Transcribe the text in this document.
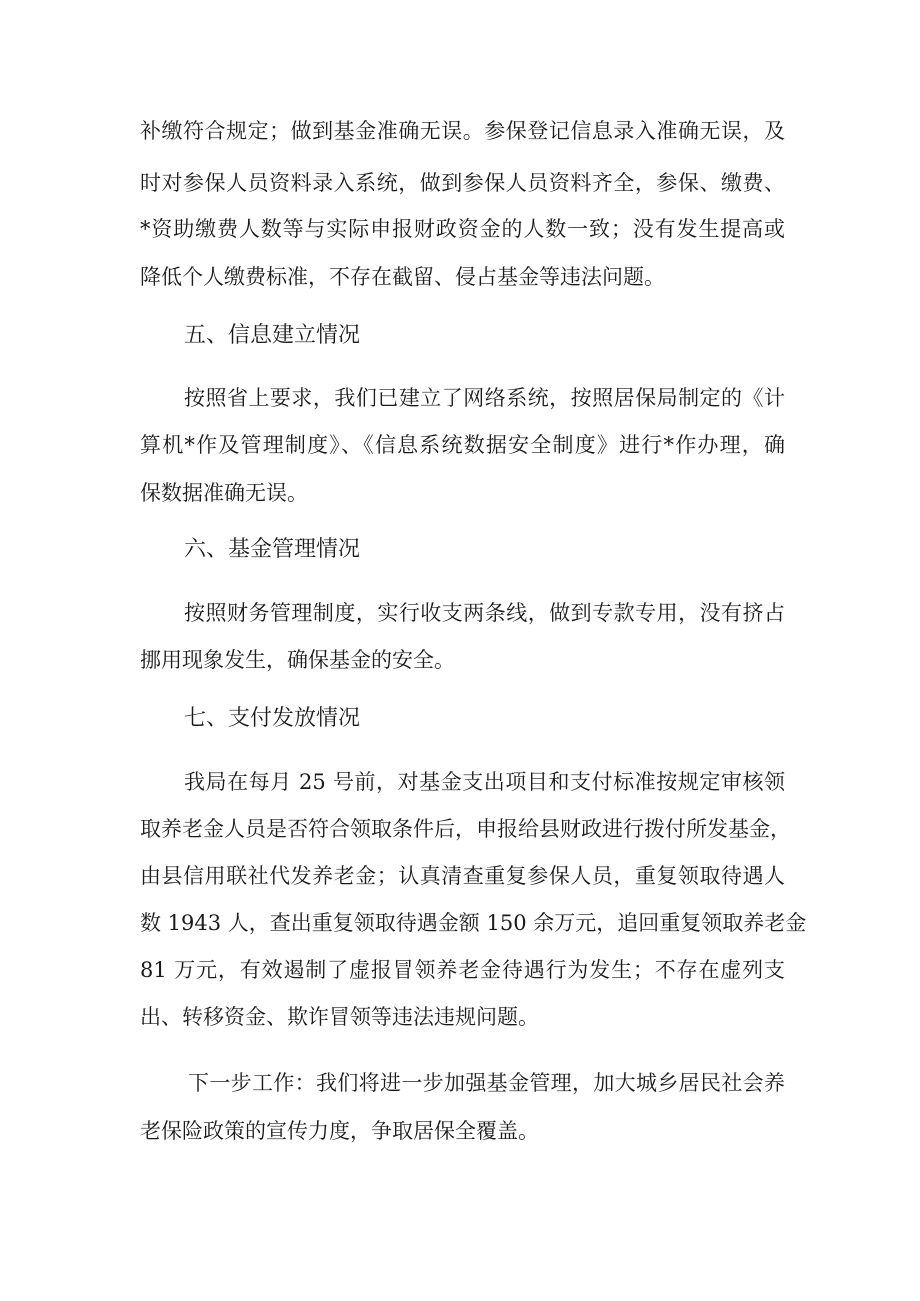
补缴符合规定；做到基金准确无误。参保登记信息录入准确无误，及
时对参保人员资料录入系统，做到参保人员资料齐全，参保、缴费、
*资助缴费人数等与实际申报财政资金的人数一致；没有发生提高或
降低个人缴费标准，不存在截留、侵占基金等违法问题。
五、信息建立情况
按照省上要求，我们已建立了网络系统，按照居保局制定的《计
算机*作及管理制度》、《信息系统数据安全制度》进行*作办理，确
保数据准确无误。
六、基金管理情况
按照财务管理制度，实行收支两条线，做到专款专用，没有挤占
挪用现象发生，确保基金的安全。
七、支付发放情况
我局在每月 25 号前，对基金支出项目和支付标准按规定审核领
取养老金人员是否符合领取条件后，申报给县财政进行拨付所发基金，
由县信用联社代发养老金；认真清查重复参保人员，重复领取待遇人
数 1943 人，查出重复领取待遇金额 150 余万元，追回重复领取养老金
81 万元，有效遏制了虚报冒领养老金待遇行为发生；不存在虚列支
出、转移资金、欺诈冒领等违法违规问题。
下一步工作：我们将进一步加强基金管理，加大城乡居民社会养
老保险政策的宣传力度，争取居保全覆盖。
